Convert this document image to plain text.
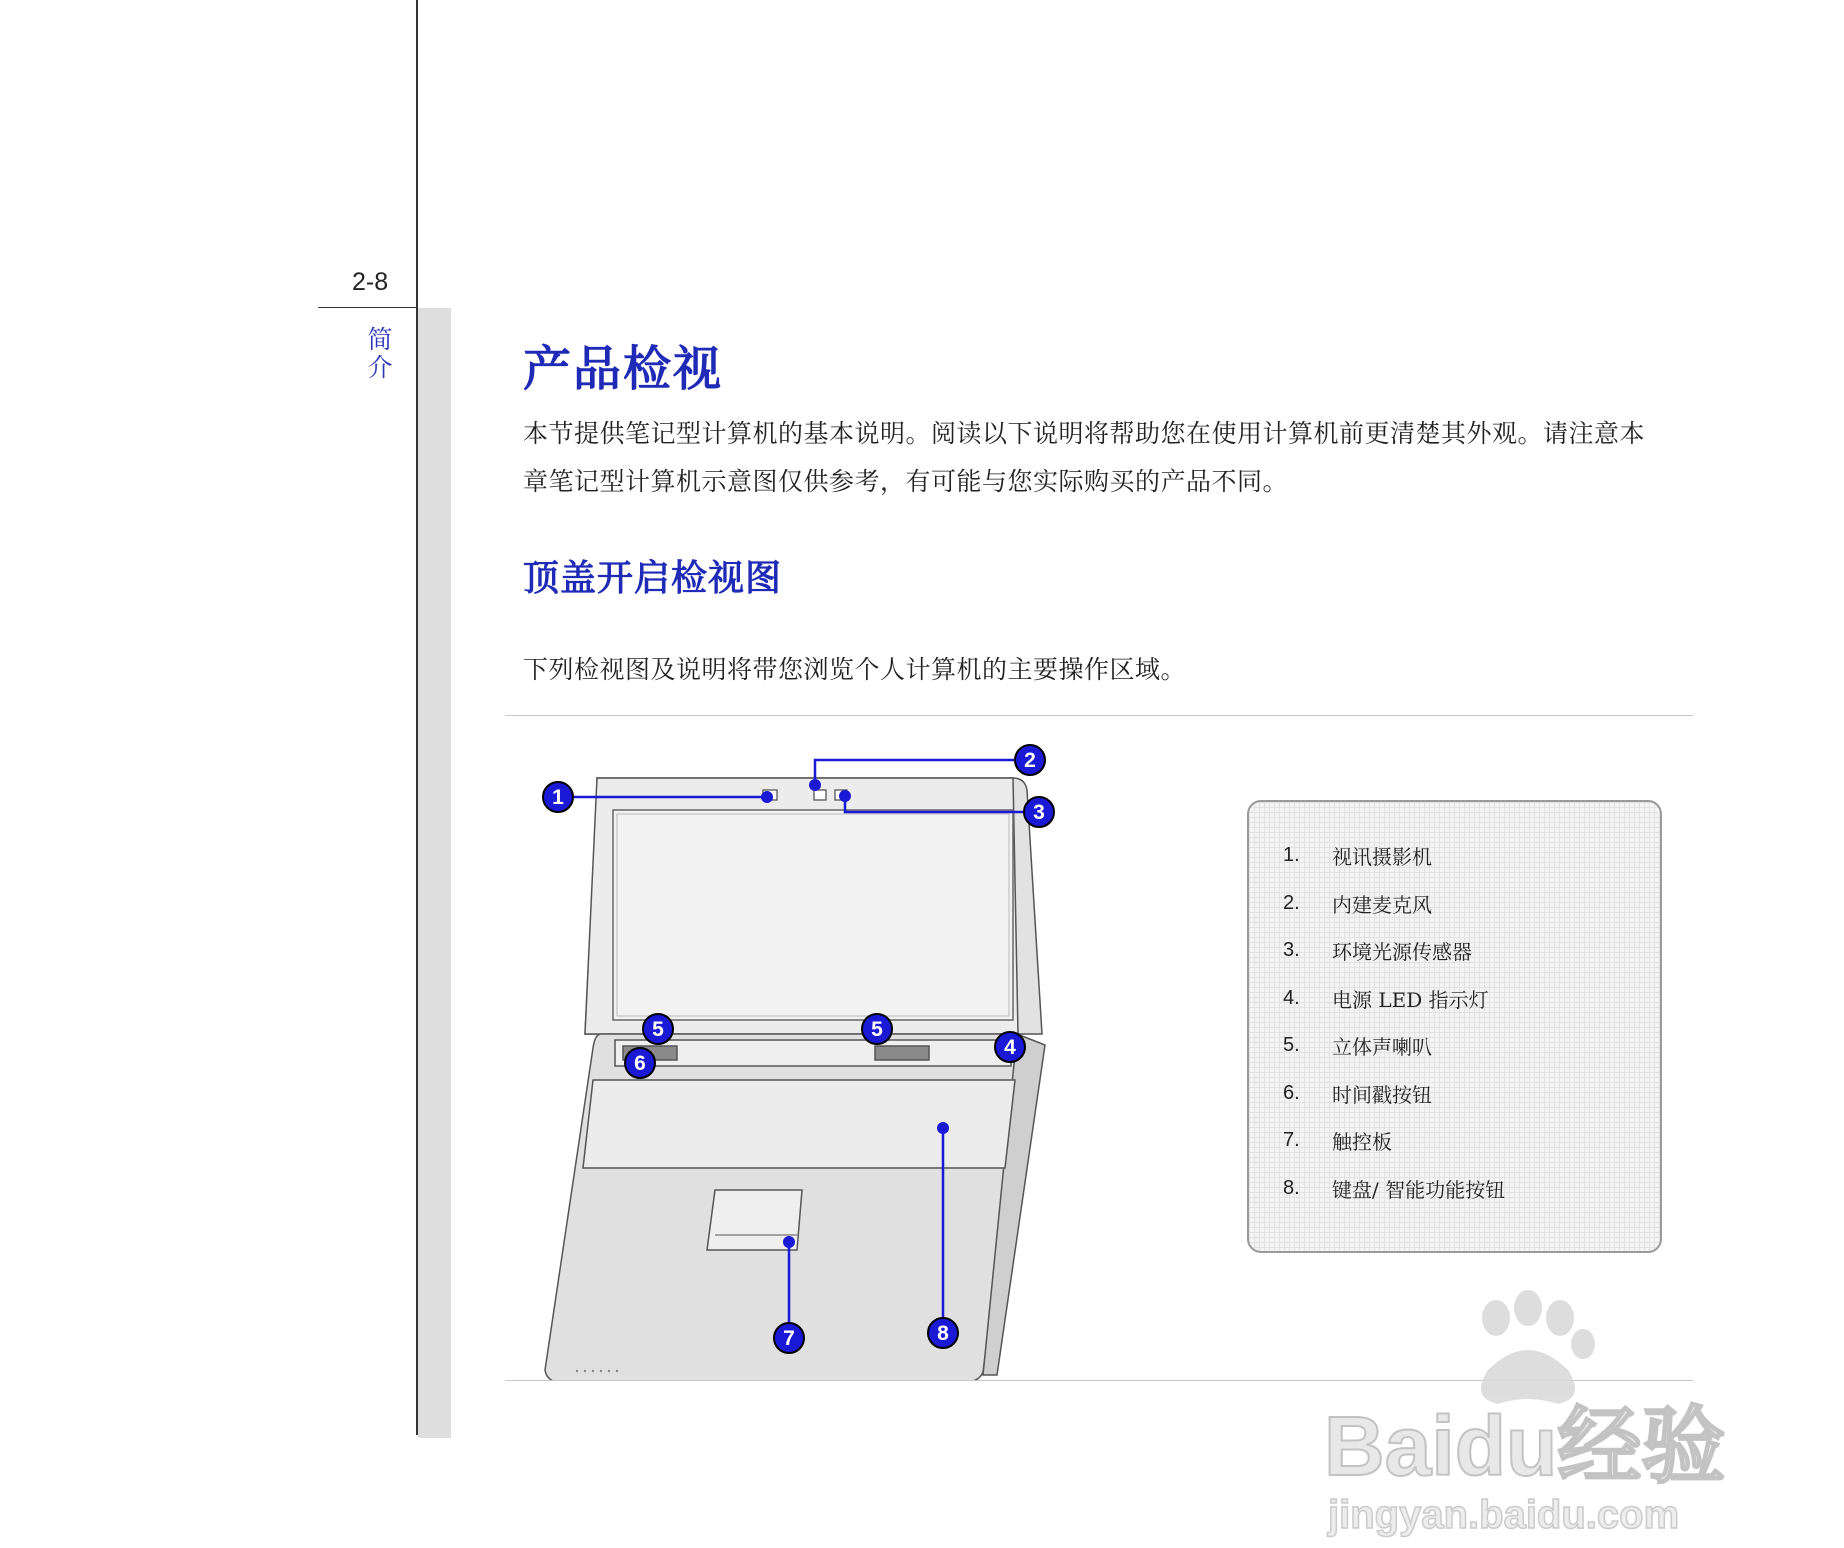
2-8
简
介	产品检视
本节提供笔记型计算机的基本说明。阅读以下说明将帮助您在使用计算机前更清楚其外观。请注意本
章笔记型计算机示意图仅供参考，有可能与您实际购买的产品不同。
顶盖开启检视图
下列检视图及说明将带您浏览个人计算机的主要操作区域。
1
2
3
4
5	5
6
7	8
1.	视讯摄影机
2.	内建麦克风
3.	环境光源传感器
4.	电源 LED 指示灯
5.	立体声喇叭
6.	时间戳按钮
7.	触控板
8.	键盘/ 智能功能按钮
Baidu经验
jingyan.baidu.com
